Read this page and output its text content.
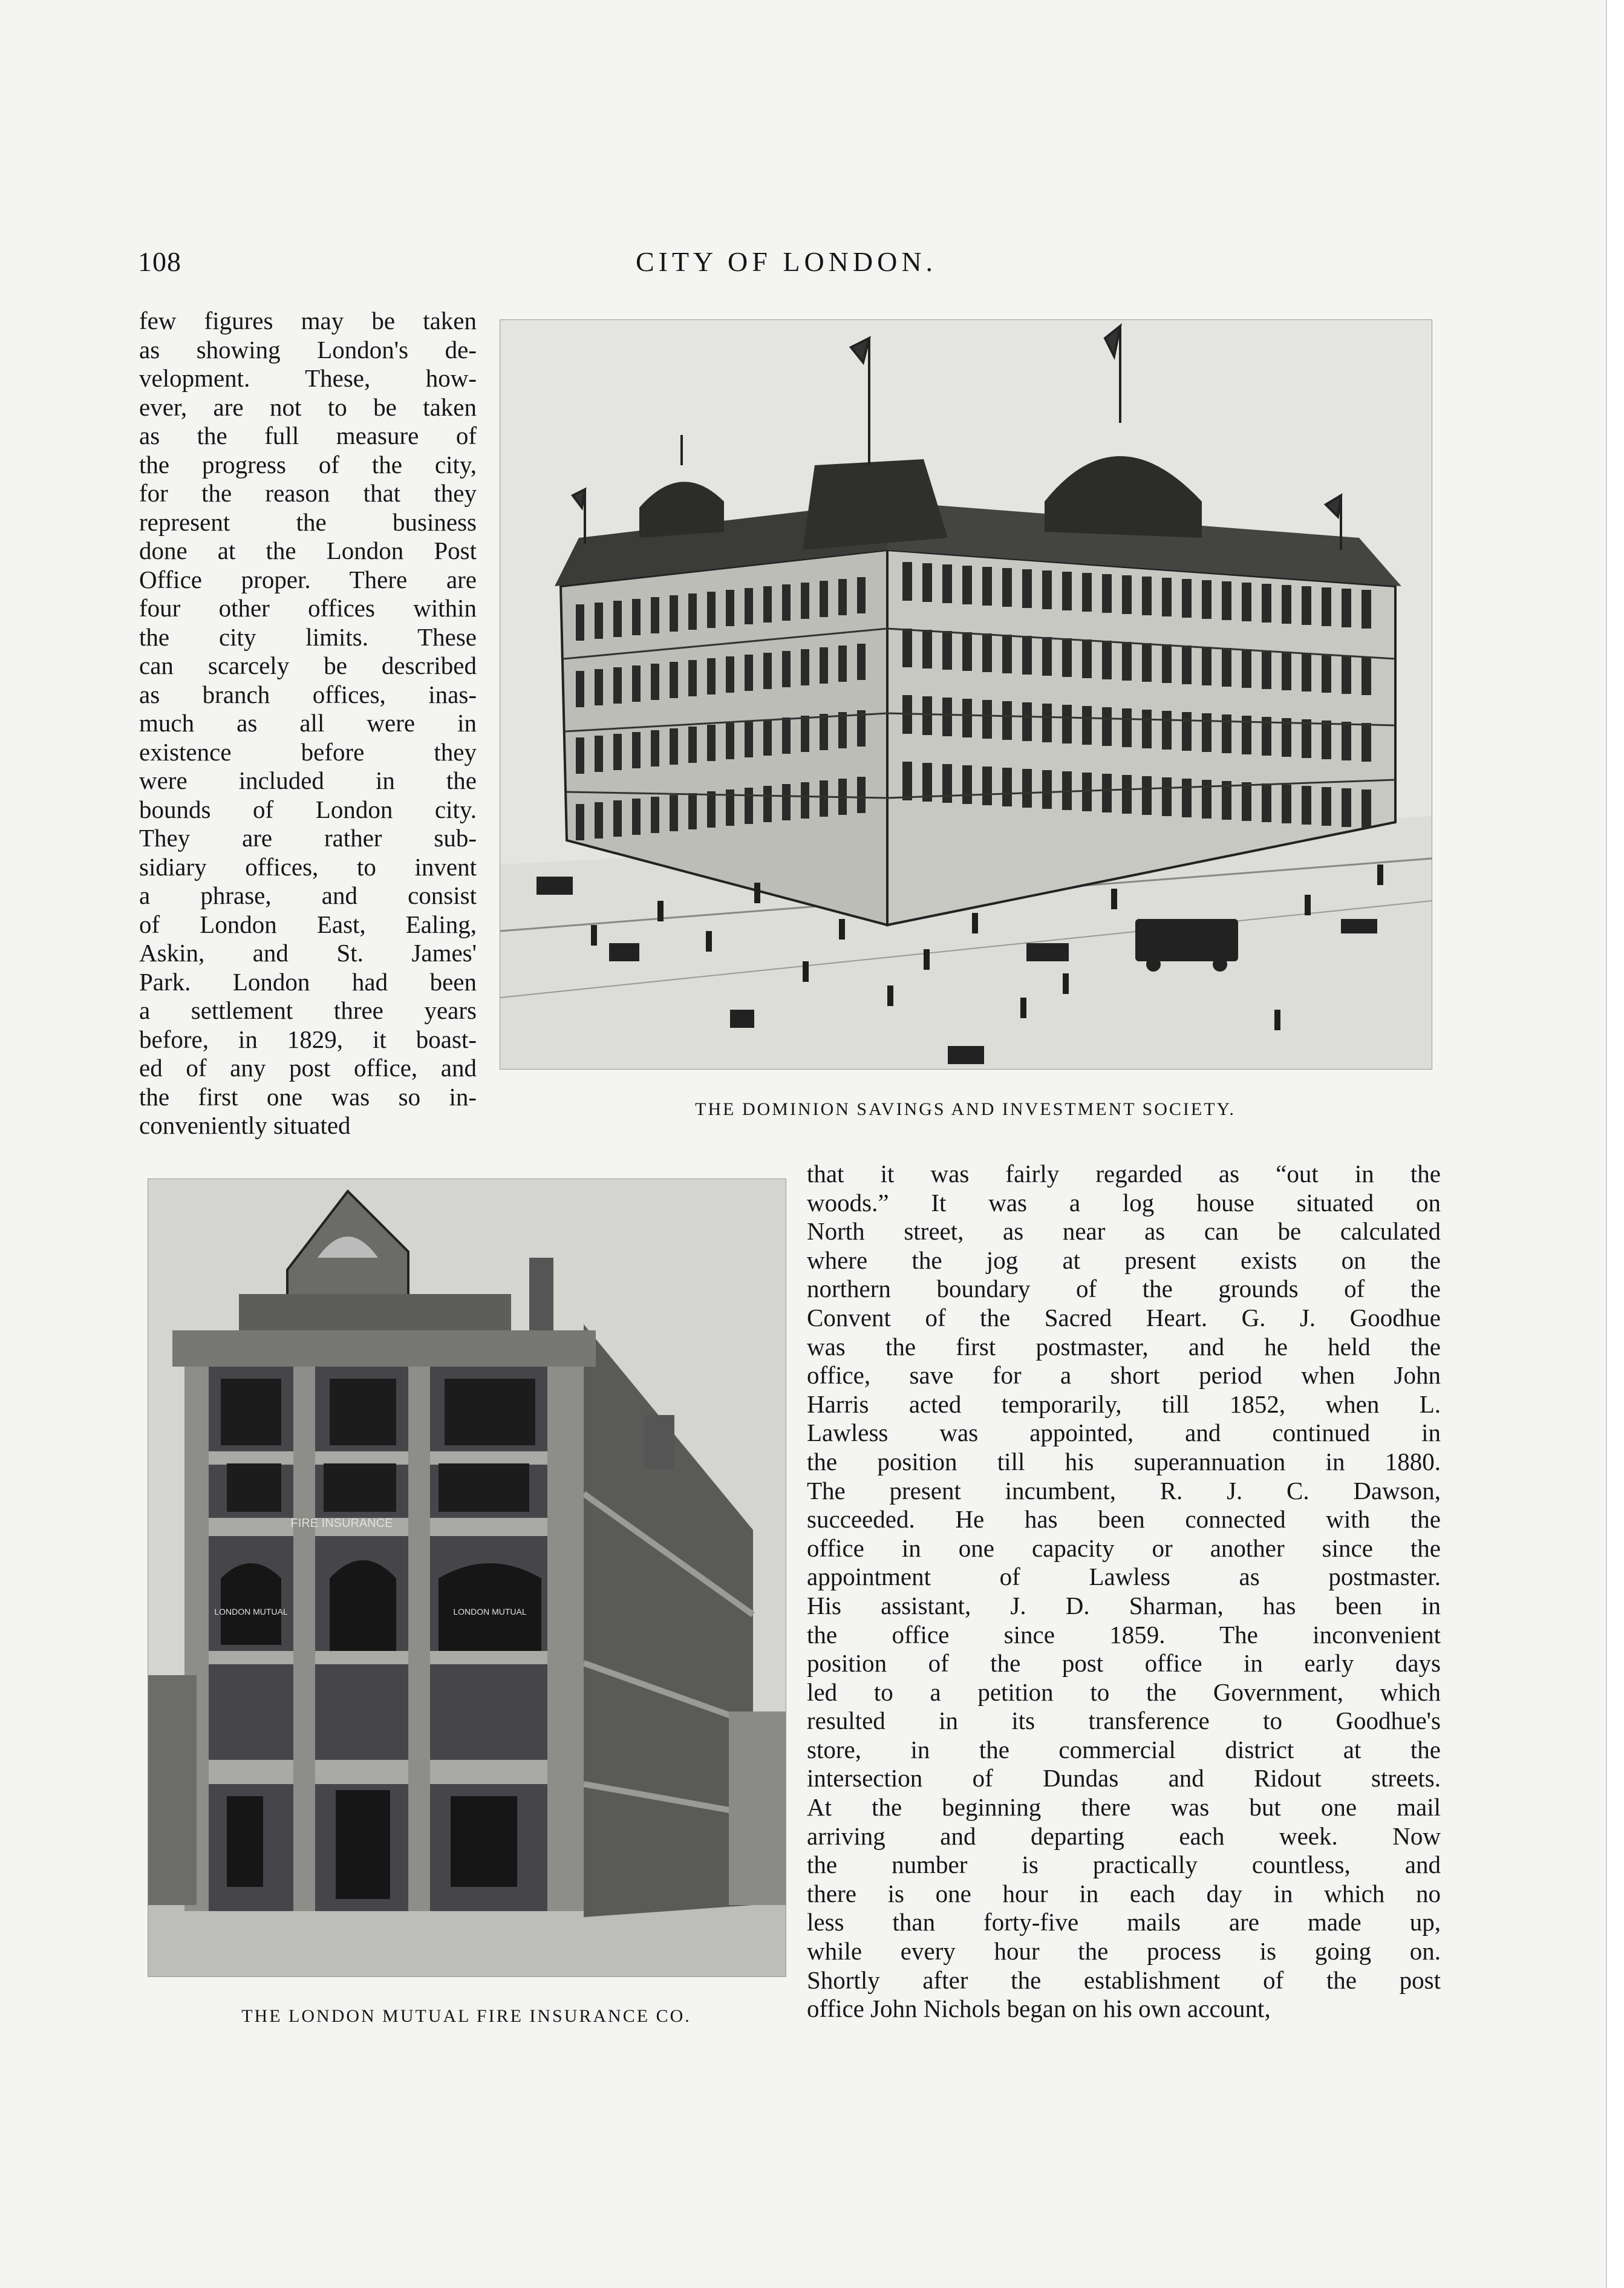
108	CITY OF LONDON.
few figures may be taken
as showing London's de-
velopment. These, how-
ever, are not to be taken
as the full measure of
the progress of the city,
for the reason that they
represent the business
done at the London Post
Office proper. There are
four other offices within
the city limits. These
can scarcely be described
as branch offices, inas-
much as all were in
existence before they
were included in the
bounds of London city.
They are rather sub-
sidiary offices, to invent
a phrase, and consist
of London East, Ealing,
Askin, and St. James'
Park. London had been
a settlement three years
before, in 1829, it boast-
ed of any post office, and
the first one was so in-
conveniently situated
THE DOMINION SAVINGS AND INVESTMENT SOCIETY.
FIRE INSURANCE
LONDON MUTUAL	LONDON MUTUAL
THE LONDON MUTUAL FIRE INSURANCE CO.
that it was fairly regarded as “out in the
woods.” It was a log house situated on
North street, as near as can be calculated
where the jog at present exists on the
northern boundary of the grounds of the
Convent of the Sacred Heart. G. J. Goodhue
was the first postmaster, and he held the
office, save for a short period when John
Harris acted temporarily, till 1852, when L.
Lawless was appointed, and continued in
the position till his superannuation in 1880.
The present incumbent, R. J. C. Dawson,
succeeded. He has been connected with the
office in one capacity or another since the
appointment of Lawless as postmaster.
His assistant, J. D. Sharman, has been in
the office since 1859. The inconvenient
position of the post office in early days
led to a petition to the Government, which
resulted in its transference to Goodhue's
store, in the commercial district at the
intersection of Dundas and Ridout streets.
At the beginning there was but one mail
arriving and departing each week. Now
the number is practically countless, and
there is one hour in each day in which no
less than forty-five mails are made up,
while every hour the process is going on.
Shortly after the establishment of the post
office John Nichols began on his own account,
